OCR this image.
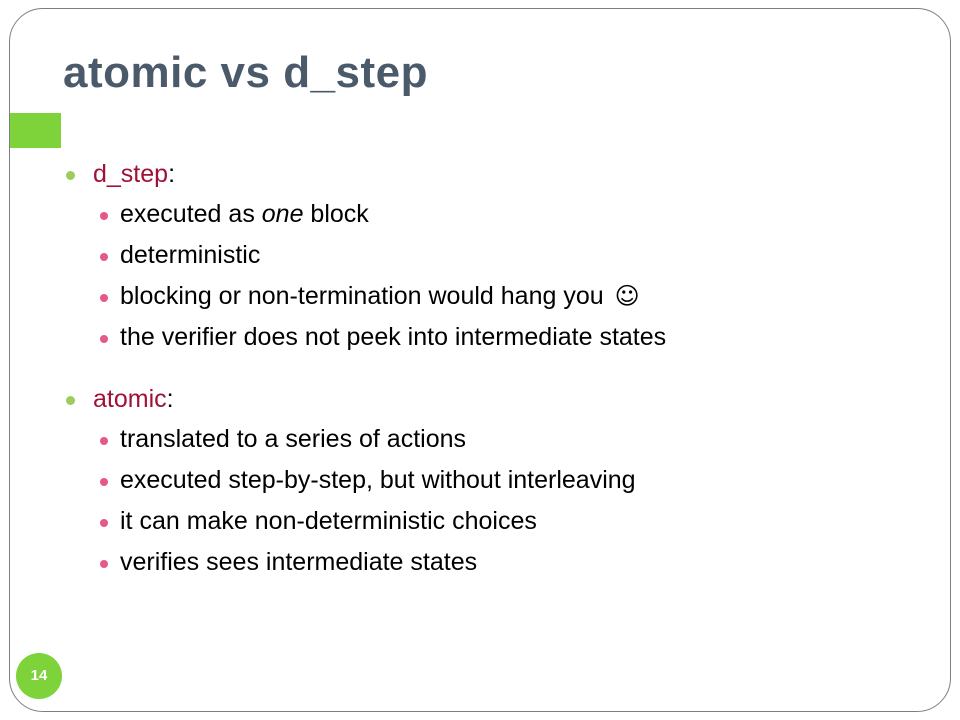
atomic vs d_step
d_step:
executed as one block
deterministic
blocking or non-termination would hang you ☺
the verifier does not peek into intermediate states
atomic:
translated to a series of actions
executed step-by-step, but without interleaving
it can make non-deterministic choices
verifies sees intermediate states
14
